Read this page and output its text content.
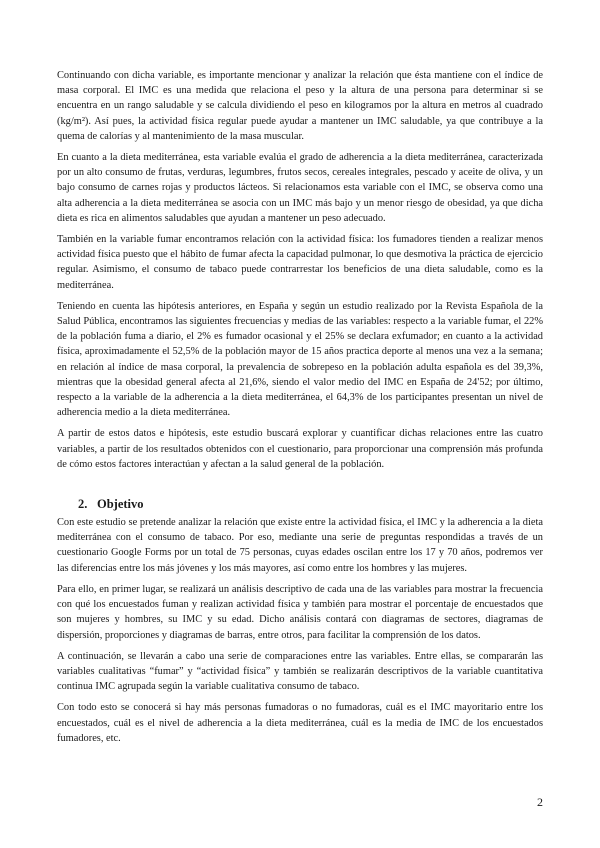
Continuando con dicha variable, es importante mencionar y analizar la relación que ésta mantiene con el índice de masa corporal. El IMC es una medida que relaciona el peso y la altura de una persona para determinar si se encuentra en un rango saludable y se calcula dividiendo el peso en kilogramos por la altura en metros al cuadrado (kg/m²). Así pues, la actividad física regular puede ayudar a mantener un IMC saludable, ya que contribuye a la quema de calorías y al mantenimiento de la masa muscular.

En cuanto a la dieta mediterránea, esta variable evalúa el grado de adherencia a la dieta mediterránea, caracterizada por un alto consumo de frutas, verduras, legumbres, frutos secos, cereales integrales, pescado y aceite de oliva, y un bajo consumo de carnes rojas y productos lácteos. Si relacionamos esta variable con el IMC, se observa como una alta adherencia a la dieta mediterránea se asocia con un IMC más bajo y un menor riesgo de obesidad, ya que dicha dieta es rica en alimentos saludables que ayudan a mantener un peso adecuado.

También en la variable fumar encontramos relación con la actividad física: los fumadores tienden a realizar menos actividad física puesto que el hábito de fumar afecta la capacidad pulmonar, lo que desmotiva la práctica de ejercicio regular. Asimismo, el consumo de tabaco puede contrarrestar los beneficios de una dieta saludable, como es la mediterránea.

Teniendo en cuenta las hipótesis anteriores, en España y según un estudio realizado por la Revista Española de la Salud Pública, encontramos las siguientes frecuencias y medias de las variables: respecto a la variable fumar, el 22% de la población fuma a diario, el 2% es fumador ocasional y el 25% se declara exfumador; en cuanto a la actividad física, aproximadamente el 52,5% de la población mayor de 15 años practica deporte al menos una vez a la semana; en relación al índice de masa corporal, la prevalencia de sobrepeso en la población adulta española es del 39,3%, mientras que la obesidad general afecta al 21,6%, siendo el valor medio del IMC en España de 24'52; por último, respecto a la variable de la adherencia a la dieta mediterránea, el 64,3% de los participantes presentan un nivel de adherencia medio a la dieta mediterránea.

A partir de estos datos e hipótesis, este estudio buscará explorar y cuantificar dichas relaciones entre las cuatro variables, a partir de los resultados obtenidos con el cuestionario, para proporcionar una comprensión más profunda de cómo estos factores interactúan y afectan a la salud general de la población.

2. Objetivo

Con este estudio se pretende analizar la relación que existe entre la actividad física, el IMC y la adherencia a la dieta mediterránea con el consumo de tabaco. Por eso, mediante una serie de preguntas respondidas a través de un cuestionario Google Forms por un total de 75 personas, cuyas edades oscilan entre los 17 y 70 años, podremos ver las diferencias entre los más jóvenes y los más mayores, así como entre los hombres y las mujeres.

Para ello, en primer lugar, se realizará un análisis descriptivo de cada una de las variables para mostrar la frecuencia con qué los encuestados fuman y realizan actividad física y también para mostrar el porcentaje de encuestados que son mujeres y hombres, su IMC y su edad. Dicho análisis contará con diagramas de sectores, diagramas de dispersión, proporciones y diagramas de barras, entre otros, para facilitar la comprensión de los datos.

A continuación, se llevarán a cabo una serie de comparaciones entre las variables. Entre ellas, se compararán las variables cualitativas “fumar” y “actividad física” y también se realizarán descriptivos de la variable cuantitativa continua IMC agrupada según la variable cualitativa consumo de tabaco.

Con todo esto se conocerá si hay más personas fumadoras o no fumadoras, cuál es el IMC mayoritario entre los encuestados, cuál es el nivel de adherencia a la dieta mediterránea, cuál es la media de IMC de los encuestados fumadores, etc.

2
